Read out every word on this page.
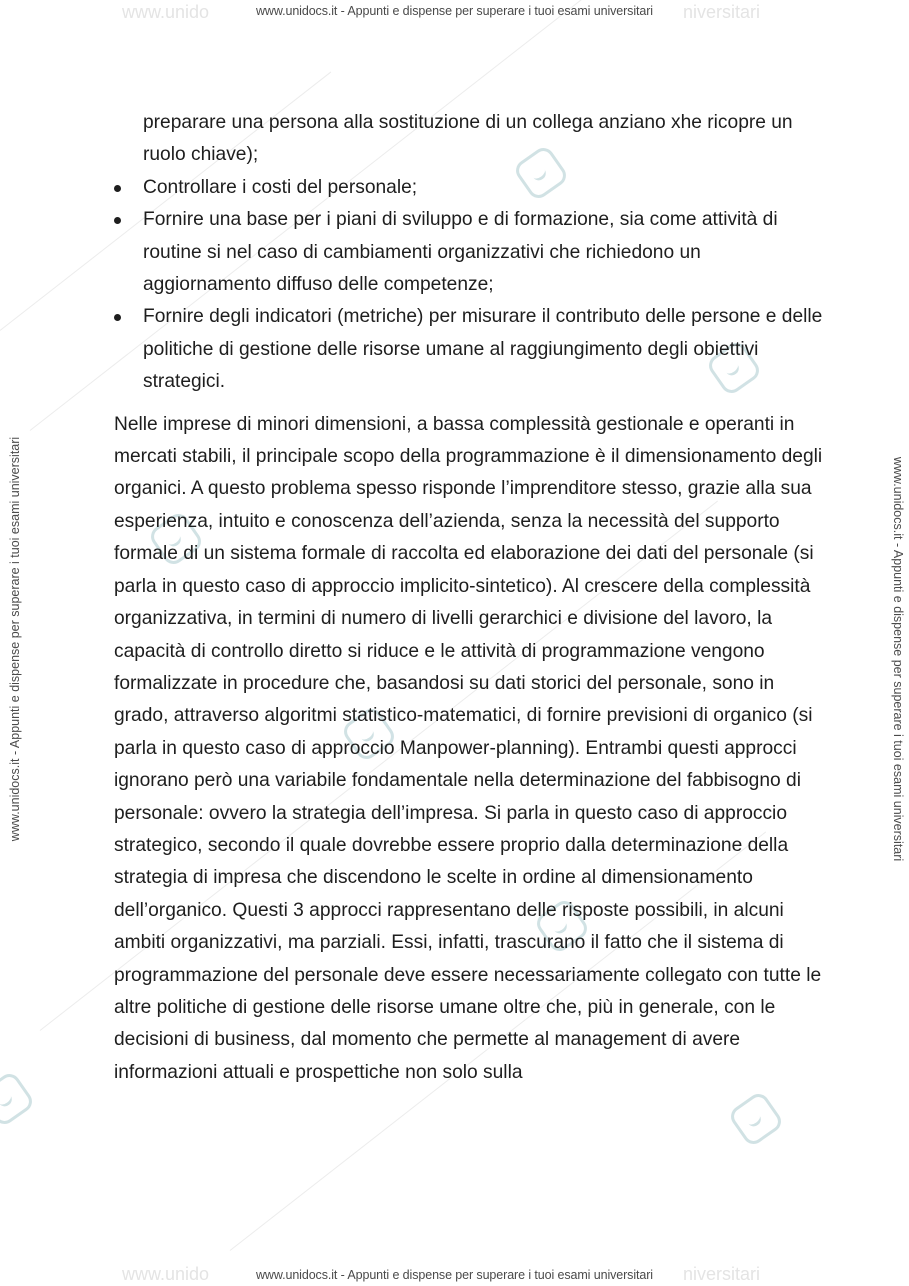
www.unido	niversitari
www.unidocs.it - Appunti e dispense per superare i tuoi esami universitari
www.unido	niversitari
www.unidocs.it - Appunti e dispense per superare i tuoi esami universitari
www.unidocs.it - Appunti e dispense per superare i tuoi esami universitari	www.unidocs.it - Appunti e dispense per superare i tuoi esami universitari
preparare una persona alla sostituzione di un collega anziano xhe ricopre un ruolo chiave);
Controllare i costi del personale;
Fornire una base per i piani di sviluppo e di formazione, sia come attività di routine si nel caso di cambiamenti organizzativi che richiedono un aggiornamento diffuso delle competenze;
Fornire degli indicatori (metriche) per misurare il contributo delle persone e delle politiche di gestione delle risorse umane al raggiungimento degli obiettivi strategici.

Nelle imprese di minori dimensioni, a bassa complessità gestionale e operanti in mercati stabili, il principale scopo della programmazione è il dimensionamento degli organici. A questo problema spesso risponde l’imprenditore stesso, grazie alla sua esperienza, intuito e conoscenza dell’azienda, senza la necessità del supporto formale di un sistema formale di raccolta ed elaborazione dei dati del personale (si parla in questo caso di approccio implicito-sintetico). Al crescere della complessità organizzativa, in termini di numero di livelli gerarchici e divisione del lavoro, la capacità di controllo diretto si riduce e le attività di programmazione vengono formalizzate in procedure che, basandosi su dati storici del personale, sono in grado, attraverso algoritmi statistico-matematici, di fornire previsioni di organico (si parla in questo caso di approccio Manpower-planning). Entrambi questi approcci ignorano però una variabile fondamentale nella determinazione del fabbisogno di personale: ovvero la strategia dell’impresa. Si parla in questo caso di approccio strategico, secondo il quale dovrebbe essere proprio dalla determinazione della strategia di impresa che discendono le scelte in ordine al dimensionamento dell’organico. Questi 3 approcci rappresentano delle risposte possibili, in alcuni ambiti organizzativi, ma parziali. Essi, infatti, trascurano il fatto che il sistema di programmazione del personale deve essere necessariamente collegato con tutte le altre politiche di gestione delle risorse umane oltre che, più in generale, con le decisioni di business, dal momento che permette al management di avere informazioni attuali e prospettiche non solo sulla
